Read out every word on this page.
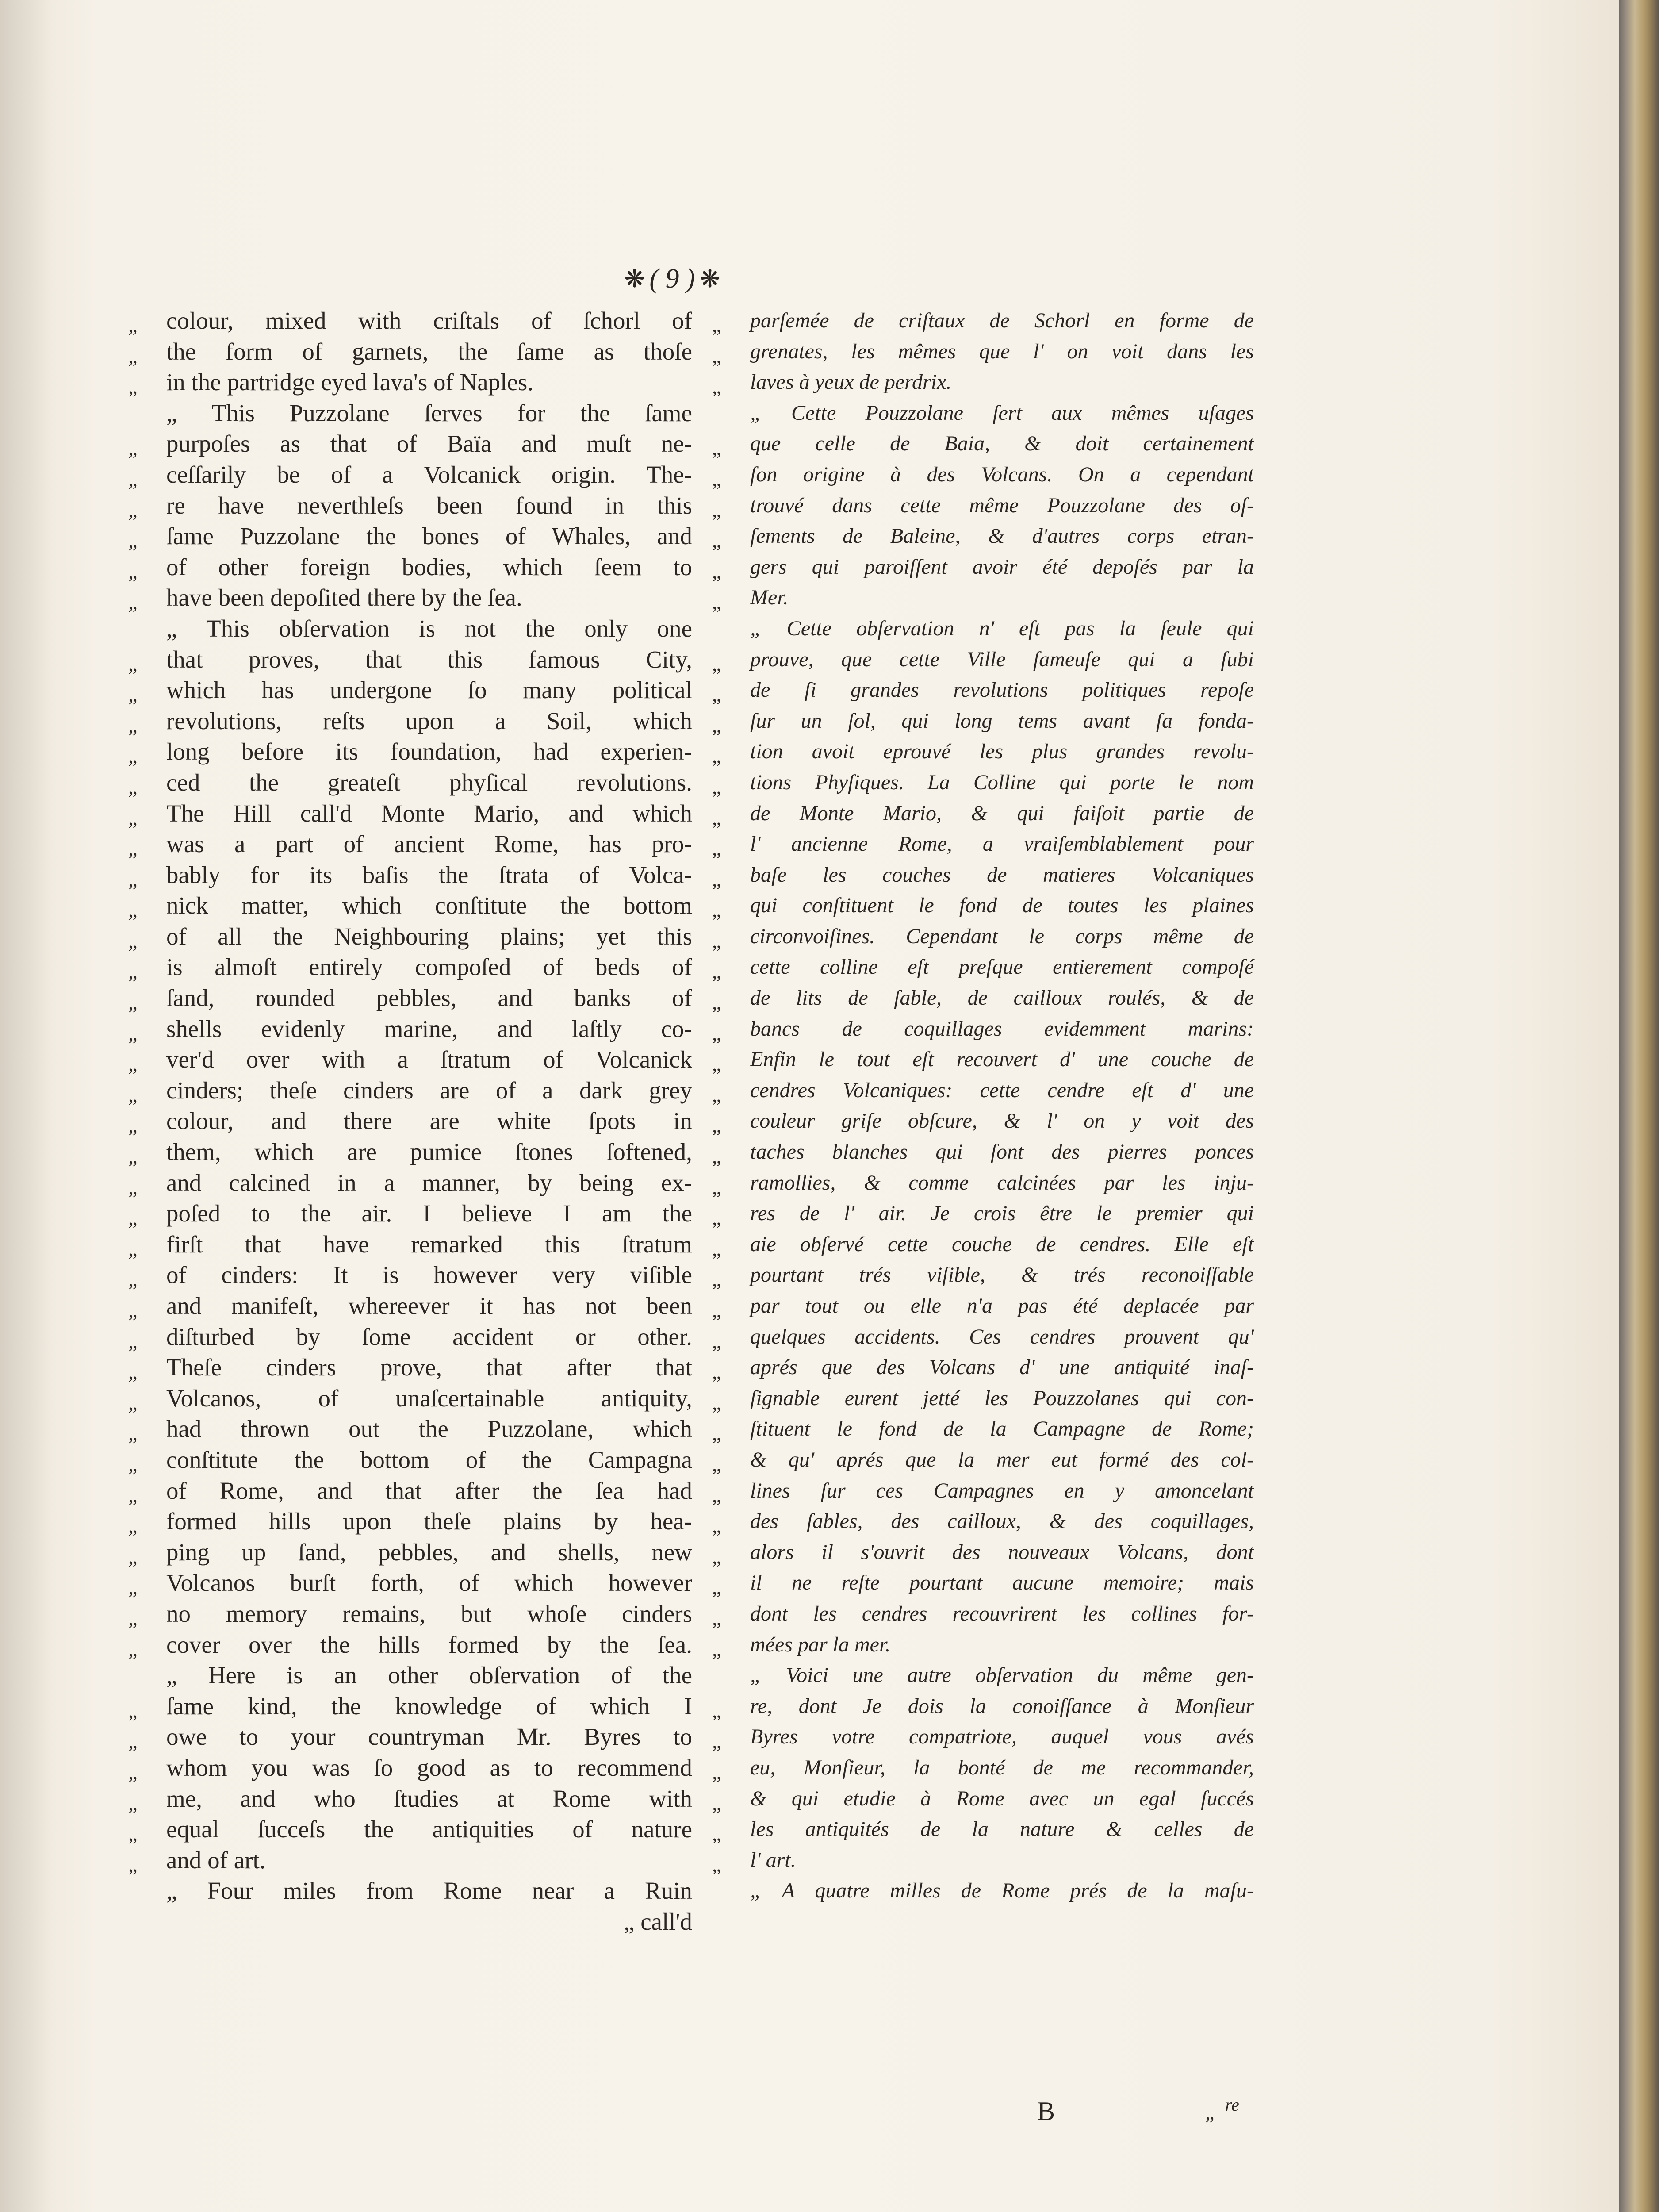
❋ ( 9 ) ❋
„ colour, mixed with criſtals of ſchorl of
„ the form of garnets, the ſame as thoſe
„ in the partridge eyed lava's of Naples.
„ This Puzzolane ſerves for the ſame
„ purpoſes as that of Baïa and muſt ne-
„ ceſſarily be of a Volcanick origin. The-
„ re have neverthleſs been found in this
„ ſame Puzzolane the bones of Whales, and
„ of other foreign bodies, which ſeem to
„ have been depoſited there by the ſea.
„ This obſervation is not the only one
„ that proves, that this famous City,
„ which has undergone ſo many political
„ revolutions, reſts upon a Soil, which
„ long before its foundation, had experien-
„ ced the greateſt phyſical revolutions.
„ The Hill call'd Monte Mario, and which
„ was a part of ancient Rome, has pro-
„ bably for its baſis the ſtrata of Volca-
„ nick matter, which conſtitute the bottom
„ of all the Neighbouring plains; yet this
„ is almoſt entirely compoſed of beds of
„ ſand, rounded pebbles, and banks of
„ shells evidenly marine, and laſtly co-
„ ver'd over with a ſtratum of Volcanick
„ cinders; theſe cinders are of a dark grey
„ colour, and there are white ſpots in
„ them, which are pumice ſtones ſoftened,
„ and calcined in a manner, by being ex-
„ poſed to the air. I believe I am the
„ firſt that have remarked this ſtratum
„ of cinders: It is however very viſible
„ and manifeſt, whereever it has not been
„ diſturbed by ſome accident or other.
„ Theſe cinders prove, that after that
„ Volcanos, of unaſcertainable antiquity,
„ had thrown out the Puzzolane, which
„ conſtitute the bottom of the Campagna
„ of Rome, and that after the ſea had
„ formed hills upon theſe plains by hea-
„ ping up ſand, pebbles, and shells, new
„ Volcanos burſt forth, of which however
„ no memory remains, but whoſe cinders
„ cover over the hills formed by the ſea.
„ Here is an other obſervation of the
„ ſame kind, the knowledge of which I
„ owe to your countryman Mr. Byres to
„ whom you was ſo good as to recommend
„ me, and who ſtudies at Rome with
„ equal ſucceſs the antiquities of nature
„ and of art.
„ Four miles from Rome near a Ruin
„ call'd
„ parſemée de criſtaux de Schorl en forme de
„ grenates, les mêmes que l' on voit dans les
„ laves à yeux de perdrix.
„ Cette Pouzzolane ſert aux mêmes uſages
„ que celle de Baia, & doit certainement
„ ſon origine à des Volcans. On a cependant
„ trouvé dans cette même Pouzzolane des oſ-
„ ſements de Baleine, & d'autres corps etran-
„ gers qui paroiſſent avoir été depoſés par la
„ Mer.
„ Cette obſervation n' eſt pas la ſeule qui
„ prouve, que cette Ville fameuſe qui a ſubi
„ de ſi grandes revolutions politiques repoſe
„ ſur un ſol, qui long tems avant ſa fonda-
„ tion avoit eprouvé les plus grandes revolu-
„ tions Phyſiques. La Colline qui porte le nom
„ de Monte Mario, & qui faiſoit partie de
„ l' ancienne Rome, a vraiſemblablement pour
„ baſe les couches de matieres Volcaniques
„ qui conſtituent le fond de toutes les plaines
„ circonvoiſines. Cependant le corps même de
„ cette colline eſt preſque entierement compoſé
„ de lits de ſable, de cailloux roulés, & de
„ bancs de coquillages evidemment marins:
„ Enfin le tout eſt recouvert d' une couche de
„ cendres Volcaniques: cette cendre eſt d' une
„ couleur griſe obſcure, & l' on y voit des
„ taches blanches qui ſont des pierres ponces
„ ramollies, & comme calcinées par les inju-
„ res de l' air. Je crois être le premier qui
„ aie obſervé cette couche de cendres. Elle eſt
„ pourtant trés viſible, & trés reconoiſſable
„ par tout ou elle n'a pas été deplacée par
„ quelques accidents. Ces cendres prouvent qu'
„ aprés que des Volcans d' une antiquité inaſ-
„ ſignable eurent jetté les Pouzzolanes qui con-
„ ſtituent le fond de la Campagne de Rome;
„ & qu' aprés que la mer eut formé des col-
„ lines ſur ces Campagnes en y amoncelant
„ des ſables, des cailloux, & des coquillages,
„ alors il s'ouvrit des nouveaux Volcans, dont
„ il ne reſte pourtant aucune memoire; mais
„ dont les cendres recouvrirent les collines for-
„ mées par la mer.
„ Voici une autre obſervation du même gen-
„ re, dont Je dois la conoiſſance à Monſieur
„ Byres votre compatriote, auquel vous avés
„ eu, Monſieur, la bonté de me recommander,
„ & qui etudie à Rome avec un egal ſuccés
„ les antiquités de la nature & celles de
„ l' art.
„ A quatre milles de Rome prés de la maſu-
B	„ re
